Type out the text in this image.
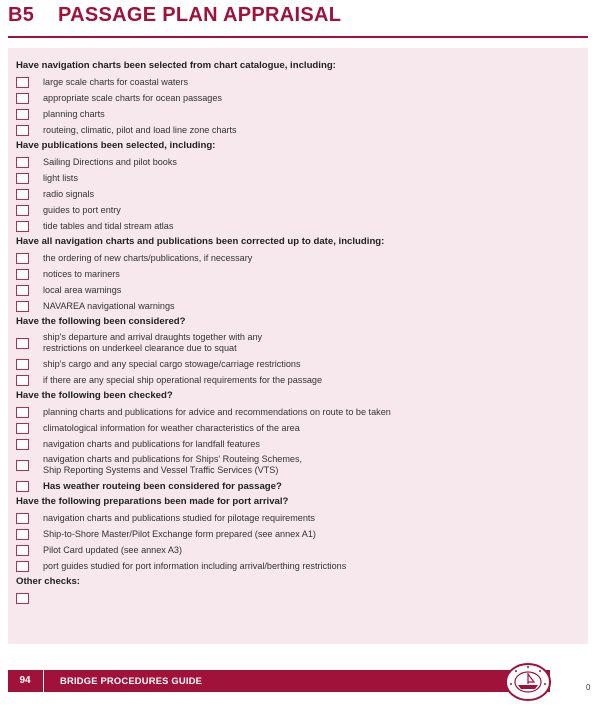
B5 PASSAGE PLAN APPRAISAL
Have navigation charts been selected from chart catalogue, including:
large scale charts for coastal waters
appropriate scale charts for ocean passages
planning charts
routeing, climatic, pilot and load line zone charts
Have publications been selected, including:
Sailing Directions and pilot books
light lists
radio signals
guides to port entry
tide tables and tidal stream atlas
Have all navigation charts and publications been corrected up to date, including:
the ordering of new charts/publications, if necessary
notices to mariners
local area warnings
NAVAREA navigational warnings
Have the following been considered?
ship's departure and arrival draughts together with any
restrictions on underkeel clearance due to squat
ship's cargo and any special cargo stowage/carriage restrictions
if there are any special ship operational requirements for the passage
Have the following been checked?
planning charts and publications for advice and recommendations on route to be taken
climatological information for weather characteristics of the area
navigation charts and publications for landfall features
navigation charts and publications for Ships' Routeing Schemes,
Ship Reporting Systems and Vessel Traffic Services (VTS)
Has weather routeing been considered for passage?
Have the following preparations been made for port arrival?
navigation charts and publications studied for pilotage requirements
Ship-to-Shore Master/Pilot Exchange form prepared (see annex A1)
Pilot Card updated (see annex A3)
port guides studied for port information including arrival/berthing restrictions
Other checks:
94	BRIDGE PROCEDURES GUIDE
0
